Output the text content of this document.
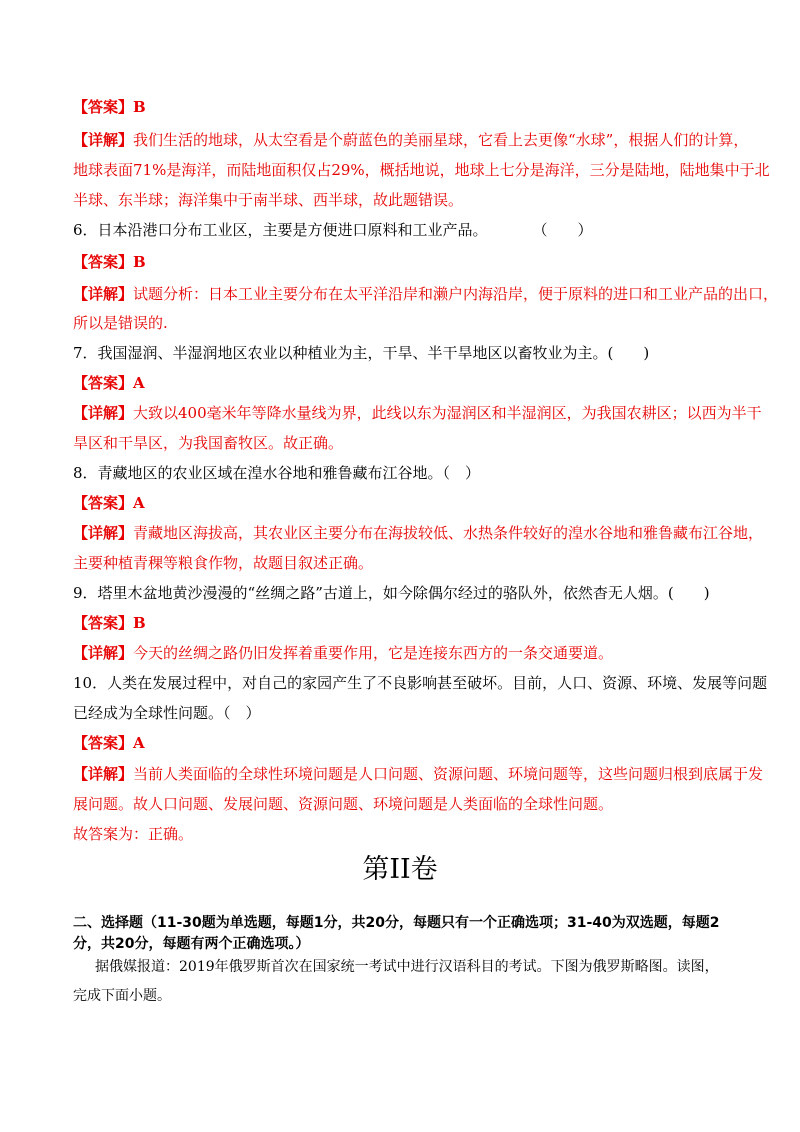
【答案】B
【详解】我们生活的地球，从太空看是个蔚蓝色的美丽星球，它看上去更像“水球”，根据人们的计算，
地球表面71%是海洋，而陆地面积仅占29%，概括地说，地球上七分是海洋，三分是陆地，陆地集中于北
半球、东半球；海洋集中于南半球、西半球，故此题错误。
6．日本沿港口分布工业区，主要是方便进口原料和工业产品。　　　　（　　）
【答案】B
【详解】试题分析：日本工业主要分布在太平洋沿岸和濑户内海沿岸，便于原料的进口和工业产品的出口，
所以是错误的.
7．我国湿润、半湿润地区农业以种植业为主，干旱、半干旱地区以畜牧业为主。(　　)
【答案】A
【详解】大致以400毫米年等降水量线为界，此线以东为湿润区和半湿润区，为我国农耕区；以西为半干
旱区和干旱区，为我国畜牧区。故正确。
8．青藏地区的农业区域在湟水谷地和雅鲁藏布江谷地。（　）
【答案】A
【详解】青藏地区海拔高，其农业区主要分布在海拔较低、水热条件较好的湟水谷地和雅鲁藏布江谷地，
主要种植青稞等粮食作物，故题目叙述正确。
9．塔里木盆地黄沙漫漫的“丝绸之路”古道上，如今除偶尔经过的骆队外，依然杳无人烟。(　　)
【答案】B
【详解】今天的丝绸之路仍旧发挥着重要作用，它是连接东西方的一条交通要道。
10．人类在发展过程中，对自己的家园产生了不良影响甚至破坏。目前，人口、资源、环境、发展等问题
已经成为全球性问题。（　）
【答案】A
【详解】当前人类面临的全球性环境问题是人口问题、资源问题、环境问题等，这些问题归根到底属于发
展问题。故人口问题、发展问题、资源问题、环境问题是人类面临的全球性问题。
故答案为：正确。
第II卷
二、选择题（11-30题为单选题，每题1分，共20分，每题只有一个正确选项；31-40为双选题，每题2
分，共20分，每题有两个正确选项。）
据俄媒报道：2019年俄罗斯首次在国家统一考试中进行汉语科目的考试。下图为俄罗斯略图。读图，
完成下面小题。
